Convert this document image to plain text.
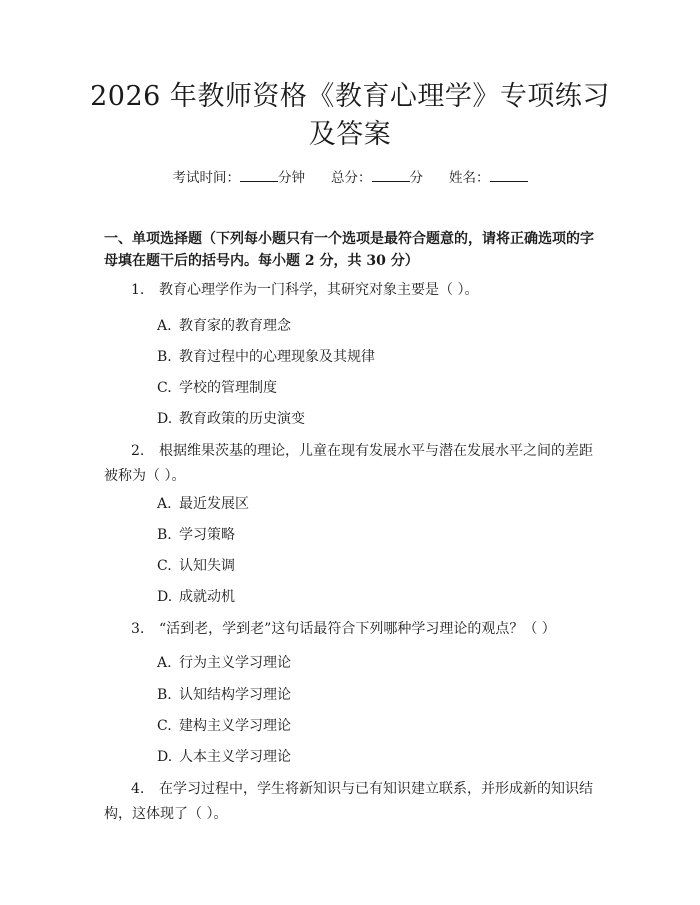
2026 年教师资格《教育心理学》专项练习及答案
考试时间：	分钟 总分：	分 姓名：
一、单项选择题（下列每小题只有一个选项是最符合题意的，请将正确选项的字母填在题干后的括号内。每小题 2 分，共 30 分）
1. 教育心理学作为一门科学，其研究对象主要是（ ）。
A. 教育家的教育理念
B. 教育过程中的心理现象及其规律
C. 学校的管理制度
D. 教育政策的历史演变
2. 根据维果茨基的理论，儿童在现有发展水平与潜在发展水平之间的差距被称为（ ）。
A. 最近发展区
B. 学习策略
C. 认知失调
D. 成就动机
3. “活到老，学到老”这句话最符合下列哪种学习理论的观点？（ ）
A. 行为主义学习理论
B. 认知结构学习理论
C. 建构主义学习理论
D. 人本主义学习理论
4. 在学习过程中，学生将新知识与已有知识建立联系，并形成新的知识结构，这体现了（ ）。
